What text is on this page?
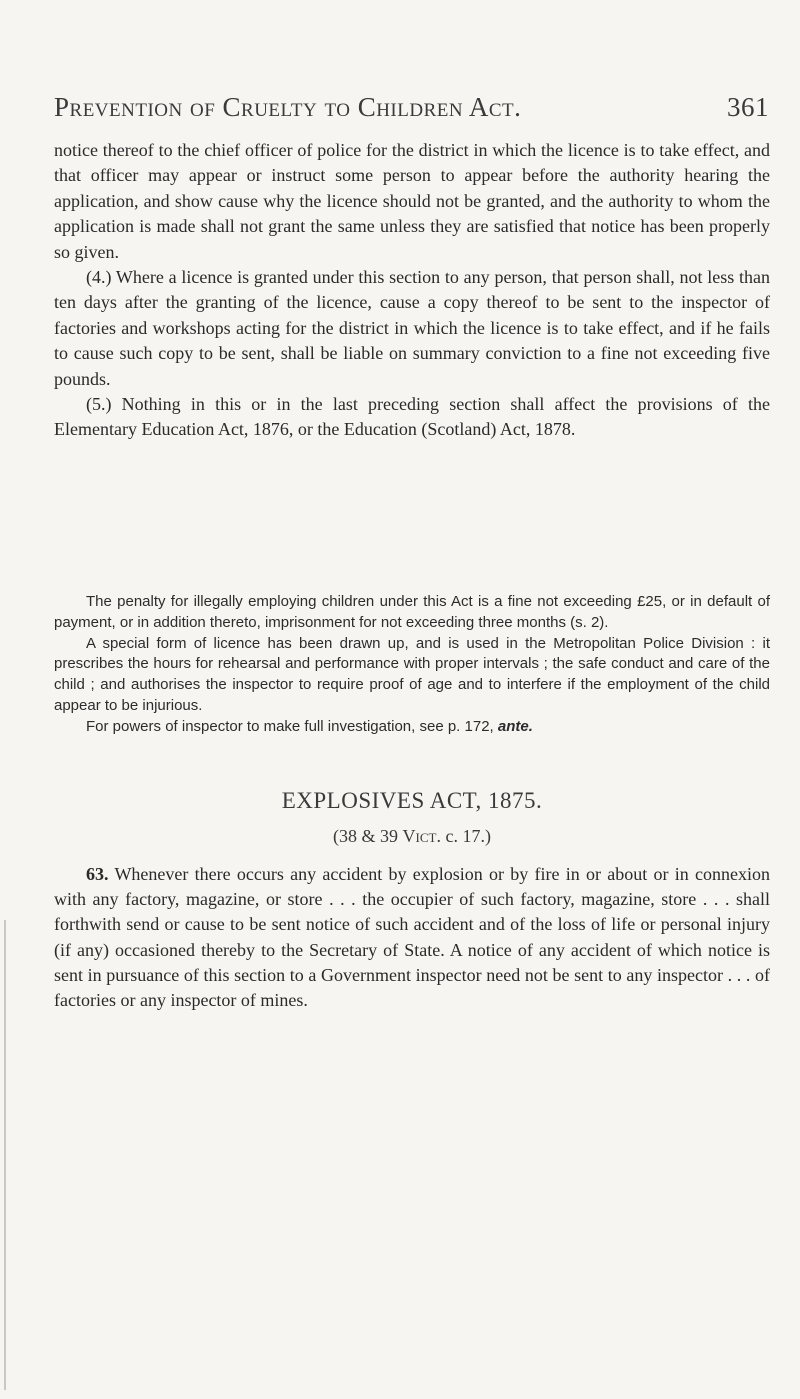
Prevention of Cruelty to Children Act.	361

notice thereof to the chief officer of police for the district in which the licence is to take effect, and that officer may appear or instruct some person to appear before the authority hearing the application, and show cause why the licence should not be granted, and the authority to whom the application is made shall not grant the same unless they are satisfied that notice has been properly so given.

(4.) Where a licence is granted under this section to any person, that person shall, not less than ten days after the granting of the licence, cause a copy thereof to be sent to the inspector of factories and workshops acting for the district in which the licence is to take effect, and if he fails to cause such copy to be sent, shall be liable on summary conviction to a fine not exceeding five pounds.

(5.) Nothing in this or in the last preceding section shall affect the provisions of the Elementary Education Act, 1876, or the Education (Scotland) Act, 1878.

The penalty for illegally employing children under this Act is a fine not exceeding £25, or in default of payment, or in addition thereto, imprisonment for not exceeding three months (s. 2).

A special form of licence has been drawn up, and is used in the Metropolitan Police Division : it prescribes the hours for rehearsal and performance with proper intervals ; the safe conduct and care of the child ; and authorises the inspector to require proof of age and to interfere if the employment of the child appear to be injurious.

For powers of inspector to make full investigation, see p. 172, ante.

EXPLOSIVES ACT, 1875.
(38 & 39 Vict. c. 17.)

63. Whenever there occurs any accident by explosion or by fire in or about or in connexion with any factory, magazine, or store . . . the occupier of such factory, magazine, store . . . shall forthwith send or cause to be sent notice of such accident and of the loss of life or personal injury (if any) occasioned thereby to the Secretary of State. A notice of any accident of which notice is sent in pursuance of this section to a Government inspector need not be sent to any inspector . . . of factories or any inspector of mines.
